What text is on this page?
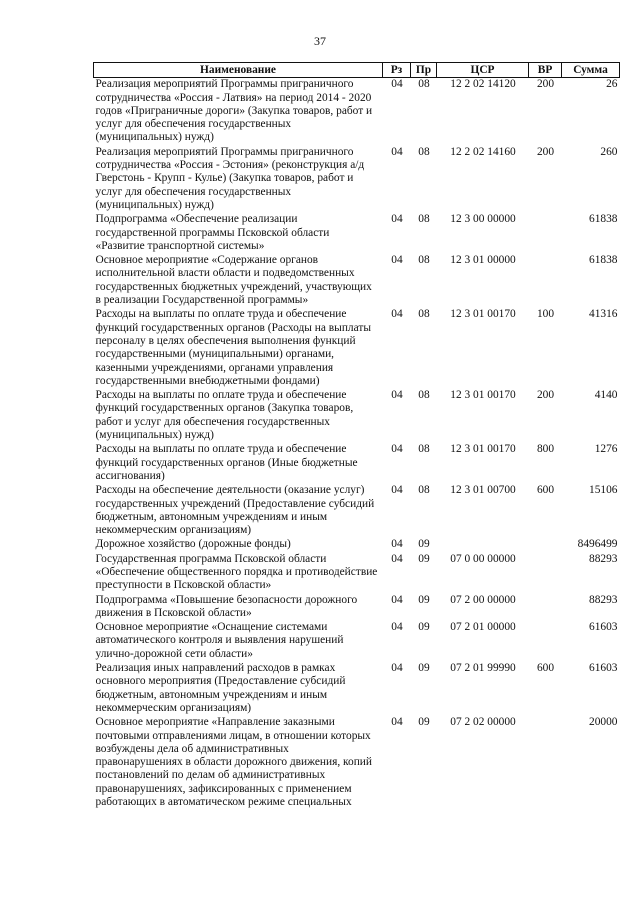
37
Наименование	Рз	Пр	ЦСР	ВР	Сумма
Реализация мероприятий Программы приграничного сотрудничества «Россия - Латвия» на период 2014 - 2020 годов «Приграничные дороги» (Закупка товаров, работ и услуг для обеспечения государственных (муниципальных) нужд)	04	08	12 2 02 14120	200	26
Реализация мероприятий Программы приграничного сотрудничества «Россия - Эстония» (реконструкция а/д Гверстонь - Крупп - Кулье) (Закупка товаров, работ и услуг для обеспечения государственных (муниципальных) нужд)	04	08	12 2 02 14160	200	260
Подпрограмма «Обеспечение реализации государственной программы Псковской области «Развитие транспортной системы»	04	08	12 3 00 00000		61838
Основное мероприятие «Содержание органов исполнительной власти области и подведомственных государственных бюджетных учреждений, участвующих в реализации Государственной программы»	04	08	12 3 01 00000		61838
Расходы на выплаты по оплате труда и обеспечение функций государственных органов (Расходы на выплаты персоналу в целях обеспечения выполнения функций государственными (муниципальными) органами, казенными учреждениями, органами управления государственными внебюджетными фондами)	04	08	12 3 01 00170	100	41316
Расходы на выплаты по оплате труда и обеспечение функций государственных органов (Закупка товаров, работ и услуг для обеспечения государственных (муниципальных) нужд)	04	08	12 3 01 00170	200	4140
Расходы на выплаты по оплате труда и обеспечение функций государственных органов (Иные бюджетные ассигнования)	04	08	12 3 01 00170	800	1276
Расходы на обеспечение деятельности (оказание услуг) государственных учреждений (Предоставление субсидий бюджетным, автономным учреждениям и иным некоммерческим организациям)	04	08	12 3 01 00700	600	15106
Дорожное хозяйство (дорожные фонды)	04	09			8496499
Государственная программа Псковской области «Обеспечение общественного порядка и противодействие преступности в Псковской области»	04	09	07 0 00 00000		88293
Подпрограмма «Повышение безопасности дорожного движения в Псковской области»	04	09	07 2 00 00000		88293
Основное мероприятие «Оснащение системами автоматического контроля и выявления нарушений улично-дорожной сети области»	04	09	07 2 01 00000		61603
Реализация иных направлений расходов в рамках основного мероприятия (Предоставление субсидий бюджетным, автономным учреждениям и иным некоммерческим организациям)	04	09	07 2 01 99990	600	61603
Основное мероприятие «Направление заказными почтовыми отправлениями лицам, в отношении которых возбуждены дела об административных правонарушениях в области дорожного движения, копий постановлений по делам об административных правонарушениях, зафиксированных с применением работающих в автоматическом режиме специальных	04	09	07 2 02 00000		20000
